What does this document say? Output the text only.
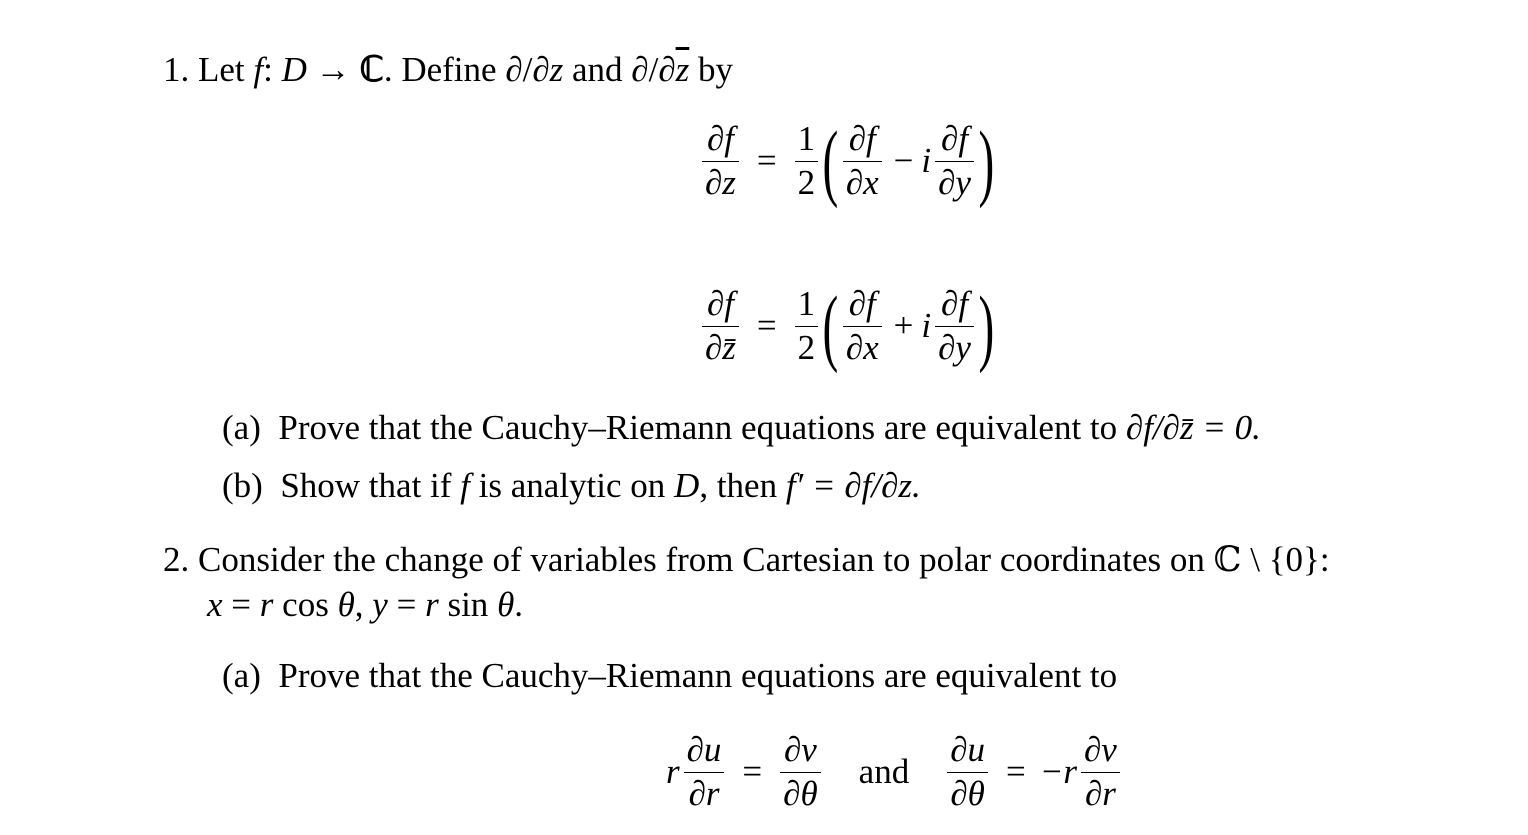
1. Let f: D → ℂ. Define ∂/∂z and $\partial/\partial\overline{z}$ by
$\frac{\partial f}{\partial z} = \frac{1}{2}$ ( $\frac{\partial f}{\partial x} - i \frac{\partial f}{\partial y}$ )
$\frac{\partial f}{\partial z̄} = \frac{1}{2}$ ( $\frac{\partial f}{\partial x} + i \frac{\partial f}{\partial y}$ )
(a) Prove that the Cauchy–Riemann equations are equivalent to ∂f/∂z̄ = 0.
(b) Show that if f is analytic on D, then f′ = ∂f/∂z.
2. Consider the change of variables from Cartesian to polar coordinates on ℂ \ {0}:
x = r cos θ, y = r sin θ.
(a) Prove that the Cauchy–Riemann equations are equivalent to
r $\frac{\partial u}{\partial r} = \frac{\partial v}{\partial\theta}$ and $\frac{\partial u}{\partial\theta} = -r \frac{\partial v}{\partial r}$
